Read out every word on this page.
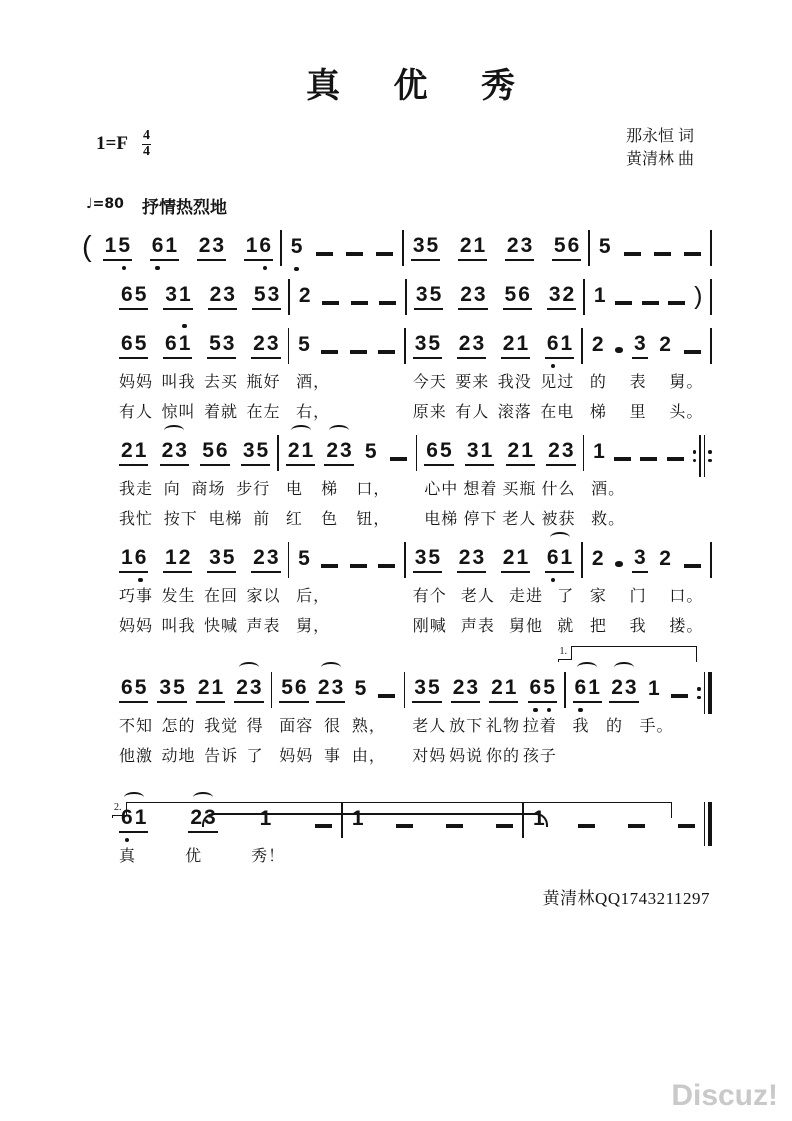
真 优 秀
$1=F \frac{4}{4}$	那永恒 词
黄清林 曲
♩=80 抒情热烈地
( 1 5 6 1 2 3 1 6 5	3 5 2 1 2 3 5 6 5
6 5 3 1 2 3 5 3 2	3 5 2 3 5 6 3 2 1	)
6 5 6 1 5 3 2 3
妈妈 叫我 去买 瓶好
有人 惊叫 着就 在左
5
酒，
右，
3 5 2 3 2 1 6 1
今天 要来 我没 见过
原来 有人 滚落 在电
2 3 2
的 表 舅。
梯 里 头。
2 1 2 3 5 6 3 5
我走 向 商场 步行
我忙 按下 电梯 前
2 1 2 3 5
电 梯 口，
红 色 钮，
6 5 3 1 2 1 2 3
心中 想着 买瓶 什么
电梯 停下 老人 被获
1
酒。
救。
1 6 1 2 3 5 2 3
巧事 发生 在回 家以
妈妈 叫我 快喊 声表
5
后，
舅，
3 5 2 3 2 1 6 1
有个 老人 走进 了
刚喊 声表 舅他 就
2 3 2
家 门 口。
把 我 搂。
6 5 3 5 2 1 2 3
不知 怎的 我觉 得
他激 动地 告诉 了
5 6 2 3 5
面容 很 熟，
妈妈 事 由，
3 5 2 3 2 1 6 5
老人 放下 礼物 拉着
对妈 妈说 你的 孩子
1.
6 1 2 3 1
我 的 手。
2. 6 1 2 3 1
真	优	秀！
1	1
黄清林QQ1743211297
Discuz!
